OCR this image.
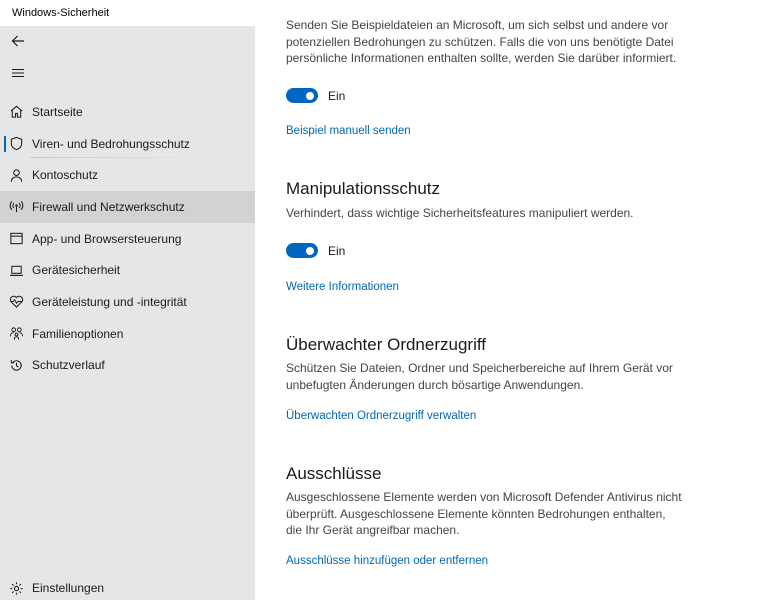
Windows-Sicherheit
Startseite
Viren- und Bedrohungsschutz
Kontoschutz
Firewall und Netzwerkschutz
App- und Browsersteuerung
Gerätesicherheit
Geräteleistung und -integrität
Familienoptionen
Schutzverlauf
Einstellungen
Senden Sie Beispieldateien an Microsoft, um sich selbst und andere vor
potenziellen Bedrohungen zu schützen. Falls die von uns benötigte Datei
persönliche Informationen enthalten sollte, werden Sie darüber informiert.
Ein
Beispiel manuell senden
Manipulationsschutz
Verhindert, dass wichtige Sicherheitsfeatures manipuliert werden.
Ein
Weitere Informationen
Überwachter Ordnerzugriff
Schützen Sie Dateien, Ordner und Speicherbereiche auf Ihrem Gerät vor
unbefugten Änderungen durch bösartige Anwendungen.
Überwachten Ordnerzugriff verwalten
Ausschlüsse
Ausgeschlossene Elemente werden von Microsoft Defender Antivirus nicht
überprüft. Ausgeschlossene Elemente könnten Bedrohungen enthalten,
die Ihr Gerät angreifbar machen.
Ausschlüsse hinzufügen oder entfernen
